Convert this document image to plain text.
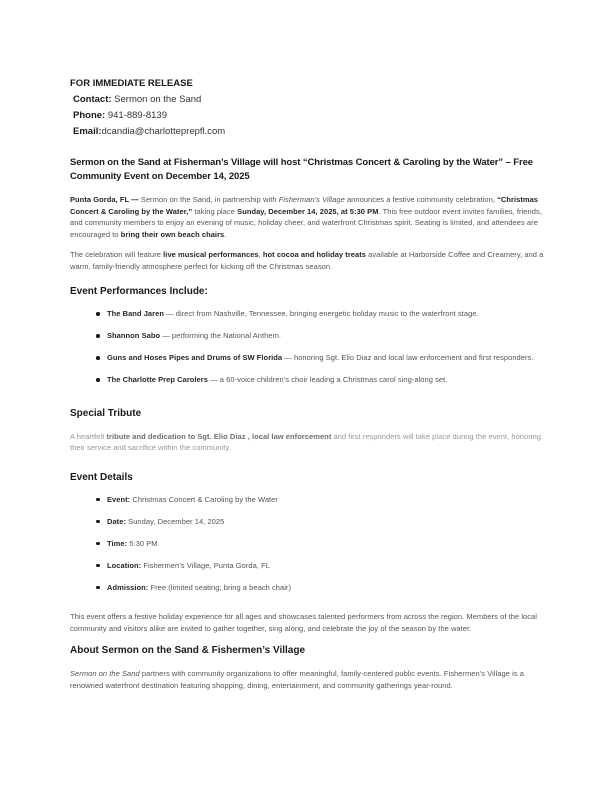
FOR IMMEDIATE RELEASE

Contact: Sermon on the Sand

Phone: 941-889-8139

Email:dcandia@charlotteprepfl.com

Sermon on the Sand at Fisherman’s Village will host “Christmas Concert & Caroling by the Water” – Free Community Event on December 14, 2025

Punta Gorda, FL — Sermon on the Sand, in partnership with Fisherman’s Village announces a festive community celebration, “Christmas Concert & Caroling by the Water,” taking place Sunday, December 14, 2025, at 5:30 PM. This free outdoor event invites families, friends, and community members to enjoy an evening of music, holiday cheer, and waterfront Christmas spirit. Seating is limited, and attendees are encouraged to bring their own beach chairs.

The celebration will feature live musical performances, hot cocoa and holiday treats available at Harborside Coffee and Creamery, and a warm, family-friendly atmosphere perfect for kicking off the Christmas season.

Event Performances Include:
The Band Jaren — direct from Nashville, Tennessee, bringing energetic holiday music to the waterfront stage.
Shannon Sabo — performing the National Anthem.
Guns and Hoses Pipes and Drums of SW Florida — honoring Sgt. Elio Diaz and local law enforcement and first responders.
The Charlotte Prep Carolers — a 60-voice children’s choir leading a Christmas carol sing-along set.
Special Tribute

A heartfelt tribute and dedication to Sgt. Elio Diaz , local law enforcement and first responders will take place during the event, honoring their service and sacrifice within the community.

Event Details
Event: Christmas Concert & Caroling by the Water
Date: Sunday, December 14, 2025
Time: 5:30 PM
Location: Fishermen’s Village, Punta Gorda, FL
Admission: Free (limited seating; bring a beach chair)

This event offers a festive holiday experience for all ages and showcases talented performers from across the region. Members of the local community and visitors alike are invited to gather together, sing along, and celebrate the joy of the season by the water.

About Sermon on the Sand & Fishermen’s Village

Sermon on the Sand partners with community organizations to offer meaningful, family-centered public events. Fishermen’s Village is a renowned waterfront destination featuring shopping, dining, entertainment, and community gatherings year-round.
